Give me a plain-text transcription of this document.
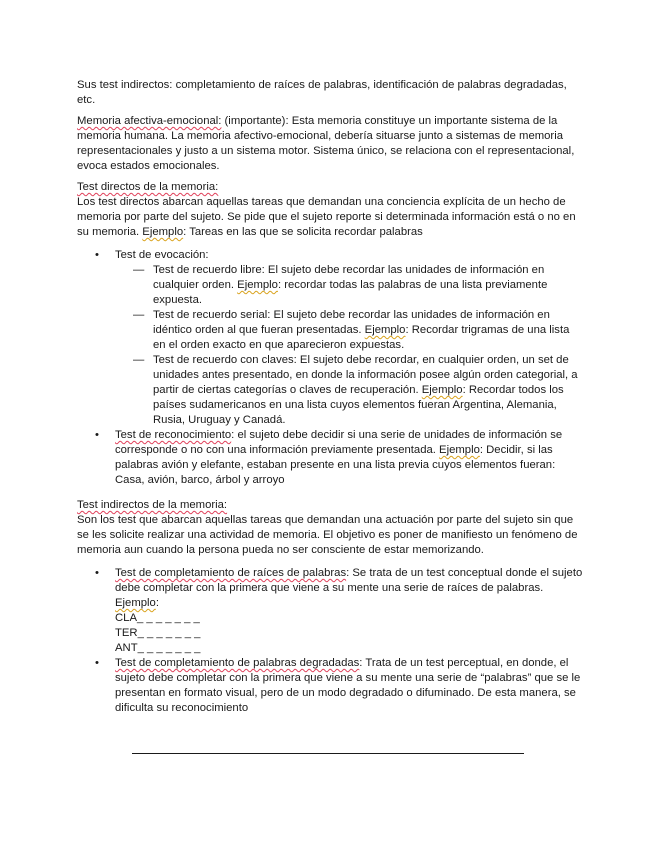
Sus test indirectos: completamiento de raíces de palabras, identificación de palabras degradadas, etc.

Memoria afectiva-emocional: (importante): Esta memoria constituye un importante sistema de la memoria humana. La memoria afectivo-emocional, debería situarse junto a sistemas de memoria representacionales y justo a un sistema motor. Sistema único, se relaciona con el representacional, evoca estados emocionales.

Test directos de la memoria:

Los test directos abarcan aquellas tareas que demandan una conciencia explícita de un hecho de memoria por parte del sujeto. Se pide que el sujeto reporte si determinada información está o no en su memoria. Ejemplo: Tareas en las que se solicita recordar palabras

• Test de evocación:
— Test de recuerdo libre: El sujeto debe recordar las unidades de información en cualquier orden. Ejemplo: recordar todas las palabras de una lista previamente expuesta.
— Test de recuerdo serial: El sujeto debe recordar las unidades de información en idéntico orden al que fueran presentadas. Ejemplo: Recordar trigramas de una lista en el orden exacto en que aparecieron expuestas.
— Test de recuerdo con claves: El sujeto debe recordar, en cualquier orden, un set de unidades antes presentado, en donde la información posee algún orden categorial, a partir de ciertas categorías o claves de recuperación. Ejemplo: Recordar todos los países sudamericanos en una lista cuyos elementos fueran Argentina, Alemania, Rusia, Uruguay y Canadá.
• Test de reconocimiento: el sujeto debe decidir si una serie de unidades de información se corresponde o no con una información previamente presentada. Ejemplo: Decidir, si las palabras avión y elefante, estaban presente en una lista previa cuyos elementos fueran: Casa, avión, barco, árbol y arroyo
Test indirectos de la memoria:

Son los test que abarcan aquellas tareas que demandan una actuación por parte del sujeto sin que se les solicite realizar una actividad de memoria. El objetivo es poner de manifiesto un fenómeno de memoria aun cuando la persona pueda no ser consciente de estar memorizando.

• Test de completamiento de raíces de palabras: Se trata de un test conceptual donde el sujeto debe completar con la primera que viene a su mente una serie de raíces de palabras. Ejemplo:
CLA_ _ _ _ _ _ _
TER_ _ _ _ _ _ _
ANT_ _ _ _ _ _ _
• Test de completamiento de palabras degradadas: Trata de un test perceptual, en donde, el sujeto debe completar con la primera que viene a su mente una serie de “palabras” que se le presentan en formato visual, pero de un modo degradado o difuminado. De esta manera, se dificulta su reconocimiento
